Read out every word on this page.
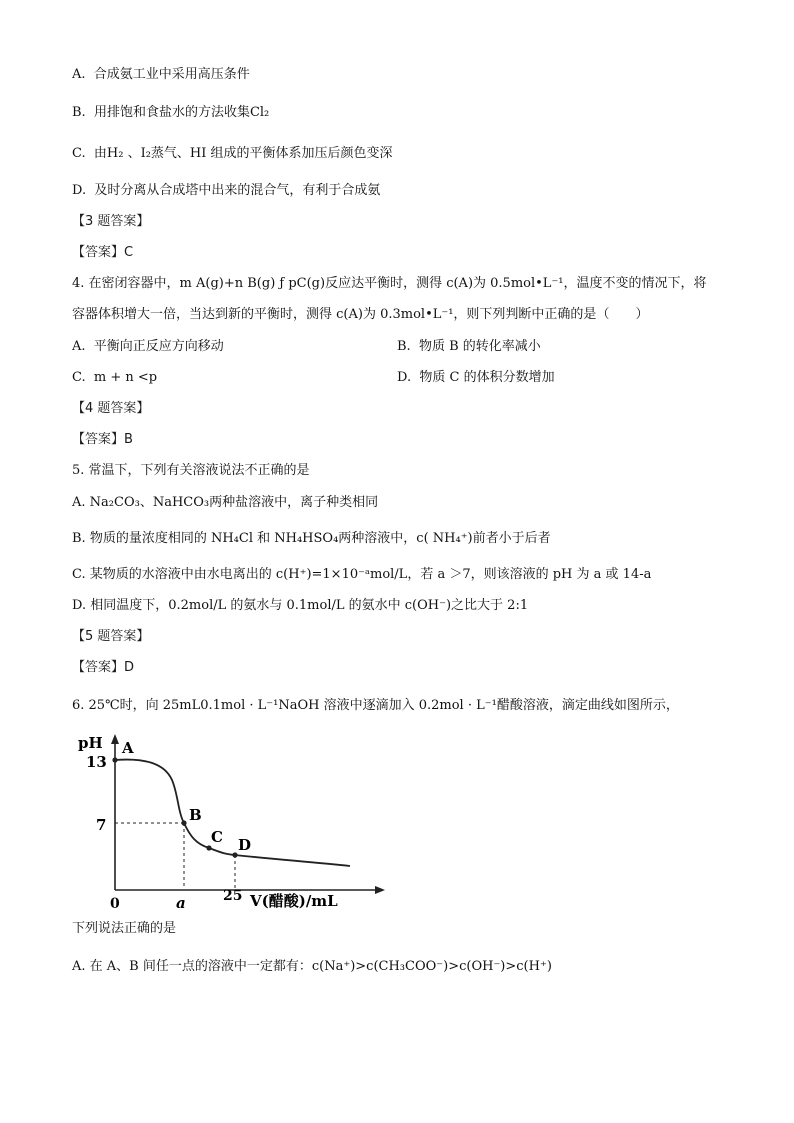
A. 合成氨工业中采用高压条件
B. 用排饱和食盐水的方法收集Cl₂
C. 由H₂ 、I₂蒸气、HI 组成的平衡体系加压后颜色变深
D. 及时分离从合成塔中出来的混合气，有利于合成氨
【3 题答案】
【答案】C
4. 在密闭容器中，m A(g)+n B(g) ƒ pC(g)反应达平衡时，测得 c(A)为 0.5mol•L⁻¹，温度不变的情况下，将
容器体积增大一倍，当达到新的平衡时，测得 c(A)为 0.3mol•L⁻¹，则下列判断中正确的是（　　）
A. 平衡向正反应方向移动	B. 物质 B 的转化率减小
C. m + n <p	D. 物质 C 的体积分数增加
【4 题答案】
【答案】B
5. 常温下，下列有关溶液说法不正确的是
A. Na₂CO₃、NaHCO₃两种盐溶液中，离子种类相同
B. 物质的量浓度相同的 NH₄Cl 和 NH₄HSO₄两种溶液中，c( NH₄⁺)前者小于后者
C. 某物质的水溶液中由水电离出的 c(H⁺)=1×10⁻ᵃmol/L，若 a ＞7，则该溶液的 pH 为 a 或 14-a
D. 相同温度下，0.2mol/L 的氨水与 0.1mol/L 的氨水中 c(OH⁻)之比大于 2:1
【5 题答案】
【答案】D
6. 25℃时，向 25mL0.1mol · L⁻¹NaOH 溶液中逐滴加入 0.2mol · L⁻¹醋酸溶液，滴定曲线如图所示，
pH
13
7
0	a	25 V(醋酸)/mL
A
B
C D
下列说法正确的是
A. 在 A、B 间任一点的溶液中一定都有：c(Na⁺)>c(CH₃COO⁻)>c(OH⁻)>c(H⁺)
